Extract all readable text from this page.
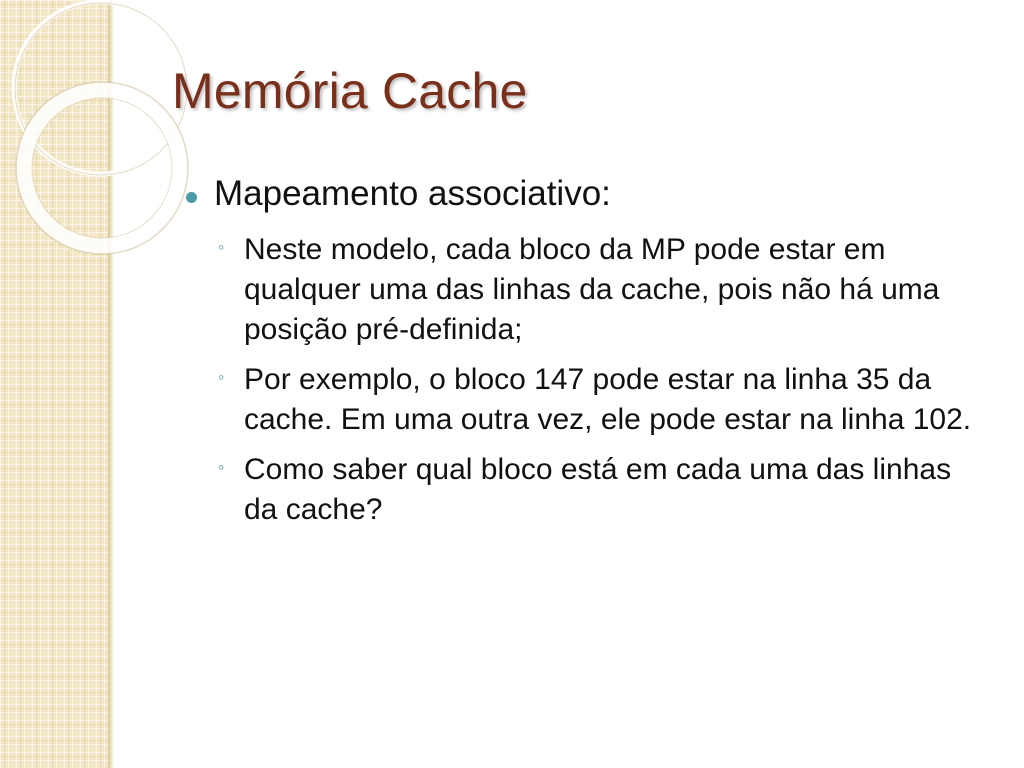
Memória Cache
Mapeamento associativo:
◦ Neste modelo, cada bloco da MP pode estar em qualquer uma das linhas da cache, pois não há uma posição pré-definida;
◦ Por exemplo, o bloco 147 pode estar na linha 35 da cache. Em uma outra vez, ele pode estar na linha 102.
◦ Como saber qual bloco está em cada uma das linhas da cache?
